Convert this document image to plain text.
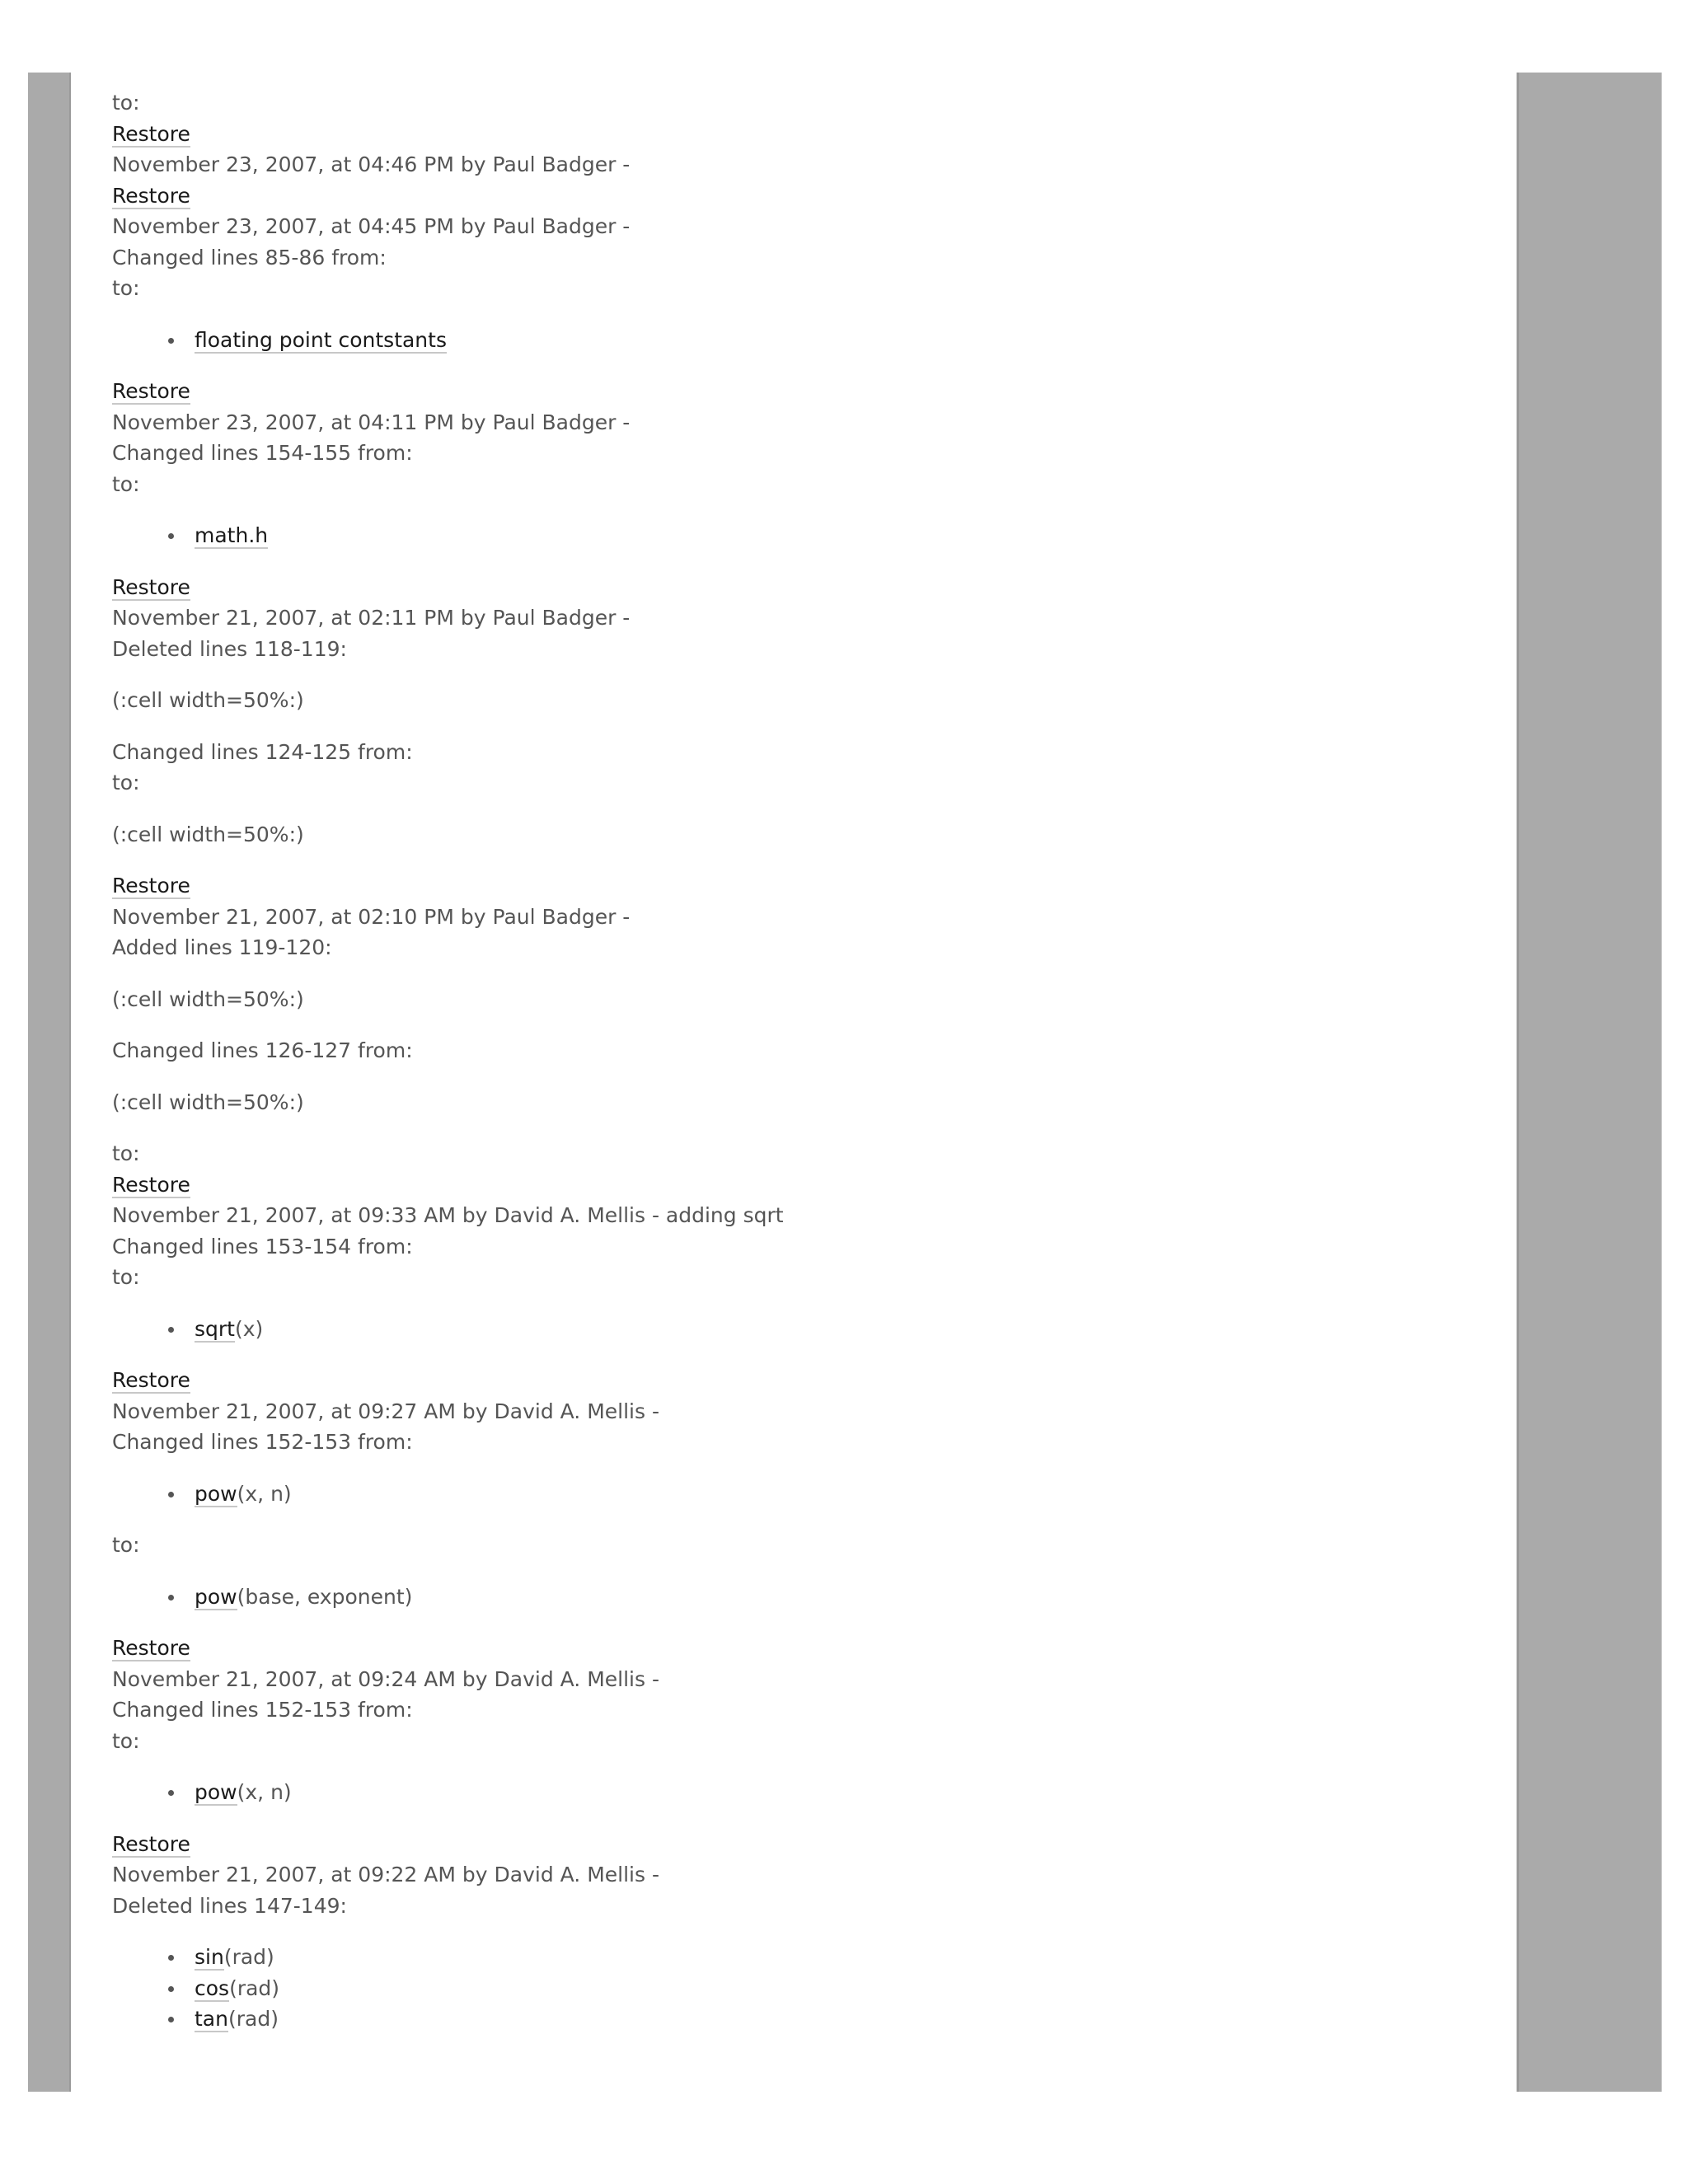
to:
Restore
November 23, 2007, at 04:46 PM by Paul Badger -
Restore
November 23, 2007, at 04:45 PM by Paul Badger -
Changed lines 85-86 from:
to:
floating point contstants
Restore
November 23, 2007, at 04:11 PM by Paul Badger -
Changed lines 154-155 from:
to:
math.h
Restore
November 21, 2007, at 02:11 PM by Paul Badger -
Deleted lines 118-119:
(:cell width=50%:)
Changed lines 124-125 from:
to:
(:cell width=50%:)
Restore
November 21, 2007, at 02:10 PM by Paul Badger -
Added lines 119-120:
(:cell width=50%:)
Changed lines 126-127 from:
(:cell width=50%:)
to:
Restore
November 21, 2007, at 09:33 AM by David A. Mellis - adding sqrt
Changed lines 153-154 from:
to:
sqrt(x)
Restore
November 21, 2007, at 09:27 AM by David A. Mellis -
Changed lines 152-153 from:
pow(x, n)
to:
pow(base, exponent)
Restore
November 21, 2007, at 09:24 AM by David A. Mellis -
Changed lines 152-153 from:
to:
pow(x, n)
Restore
November 21, 2007, at 09:22 AM by David A. Mellis -
Deleted lines 147-149:
sin(rad)
cos(rad)
tan(rad)
